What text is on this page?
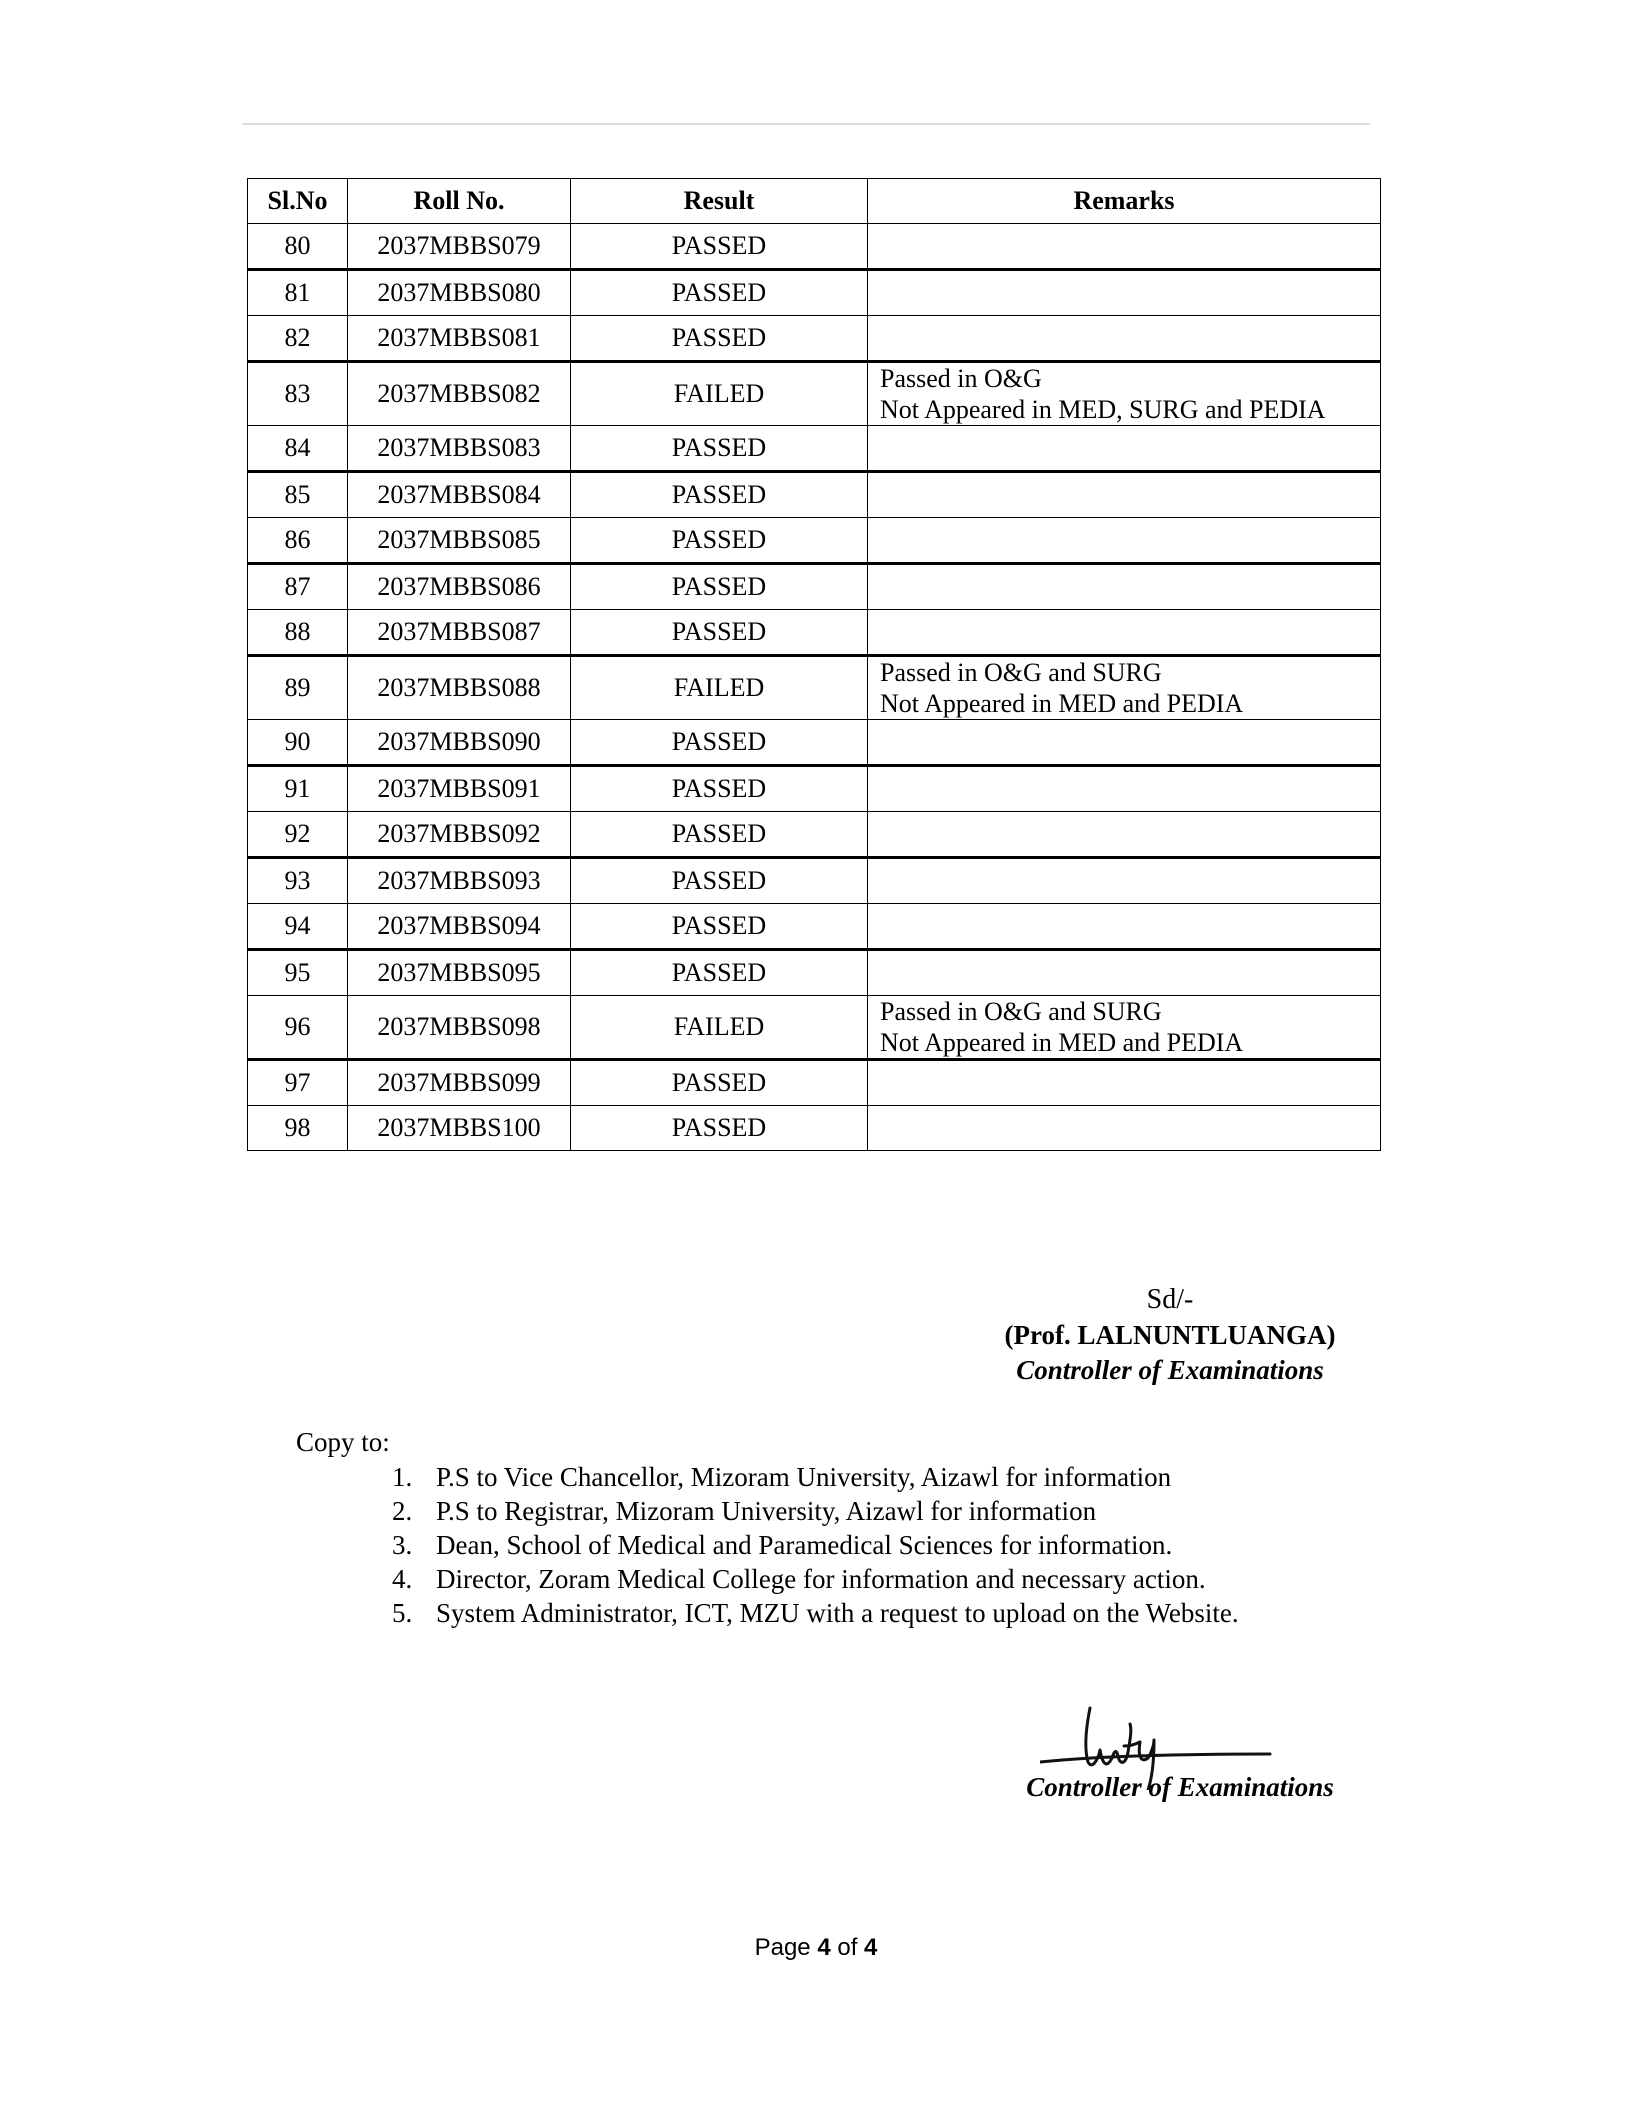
Sl.No	Roll No.	Result	Remarks
80	2037MBBS079	PASSED	

81	2037MBBS080	PASSED	

82	2037MBBS081	PASSED	

83	2037MBBS082	FAILED	Passed in O&G
Not Appeared in MED, SURG and PEDIA

84	2037MBBS083	PASSED	

85	2037MBBS084	PASSED	

86	2037MBBS085	PASSED	

87	2037MBBS086	PASSED	

88	2037MBBS087	PASSED	

89	2037MBBS088	FAILED	Passed in O&G and SURG
Not Appeared in MED and PEDIA

90	2037MBBS090	PASSED	

91	2037MBBS091	PASSED	

92	2037MBBS092	PASSED	

93	2037MBBS093	PASSED	

94	2037MBBS094	PASSED	

95	2037MBBS095	PASSED	

96	2037MBBS098	FAILED	Passed in O&G and SURG
Not Appeared in MED and PEDIA

97	2037MBBS099	PASSED	

98	2037MBBS100	PASSED	
Sd/-
(Prof. LALNUNTLUANGA)
Controller of Examinations
Copy to:
1. P.S to Vice Chancellor, Mizoram University, Aizawl for information
2. P.S to Registrar, Mizoram University, Aizawl for information
3. Dean, School of Medical and Paramedical Sciences for information.
4. Director, Zoram Medical College for information and necessary action.
5. System Administrator, ICT, MZU with a request to upload on the Website.
Controller of Examinations
Page 4 of 4
